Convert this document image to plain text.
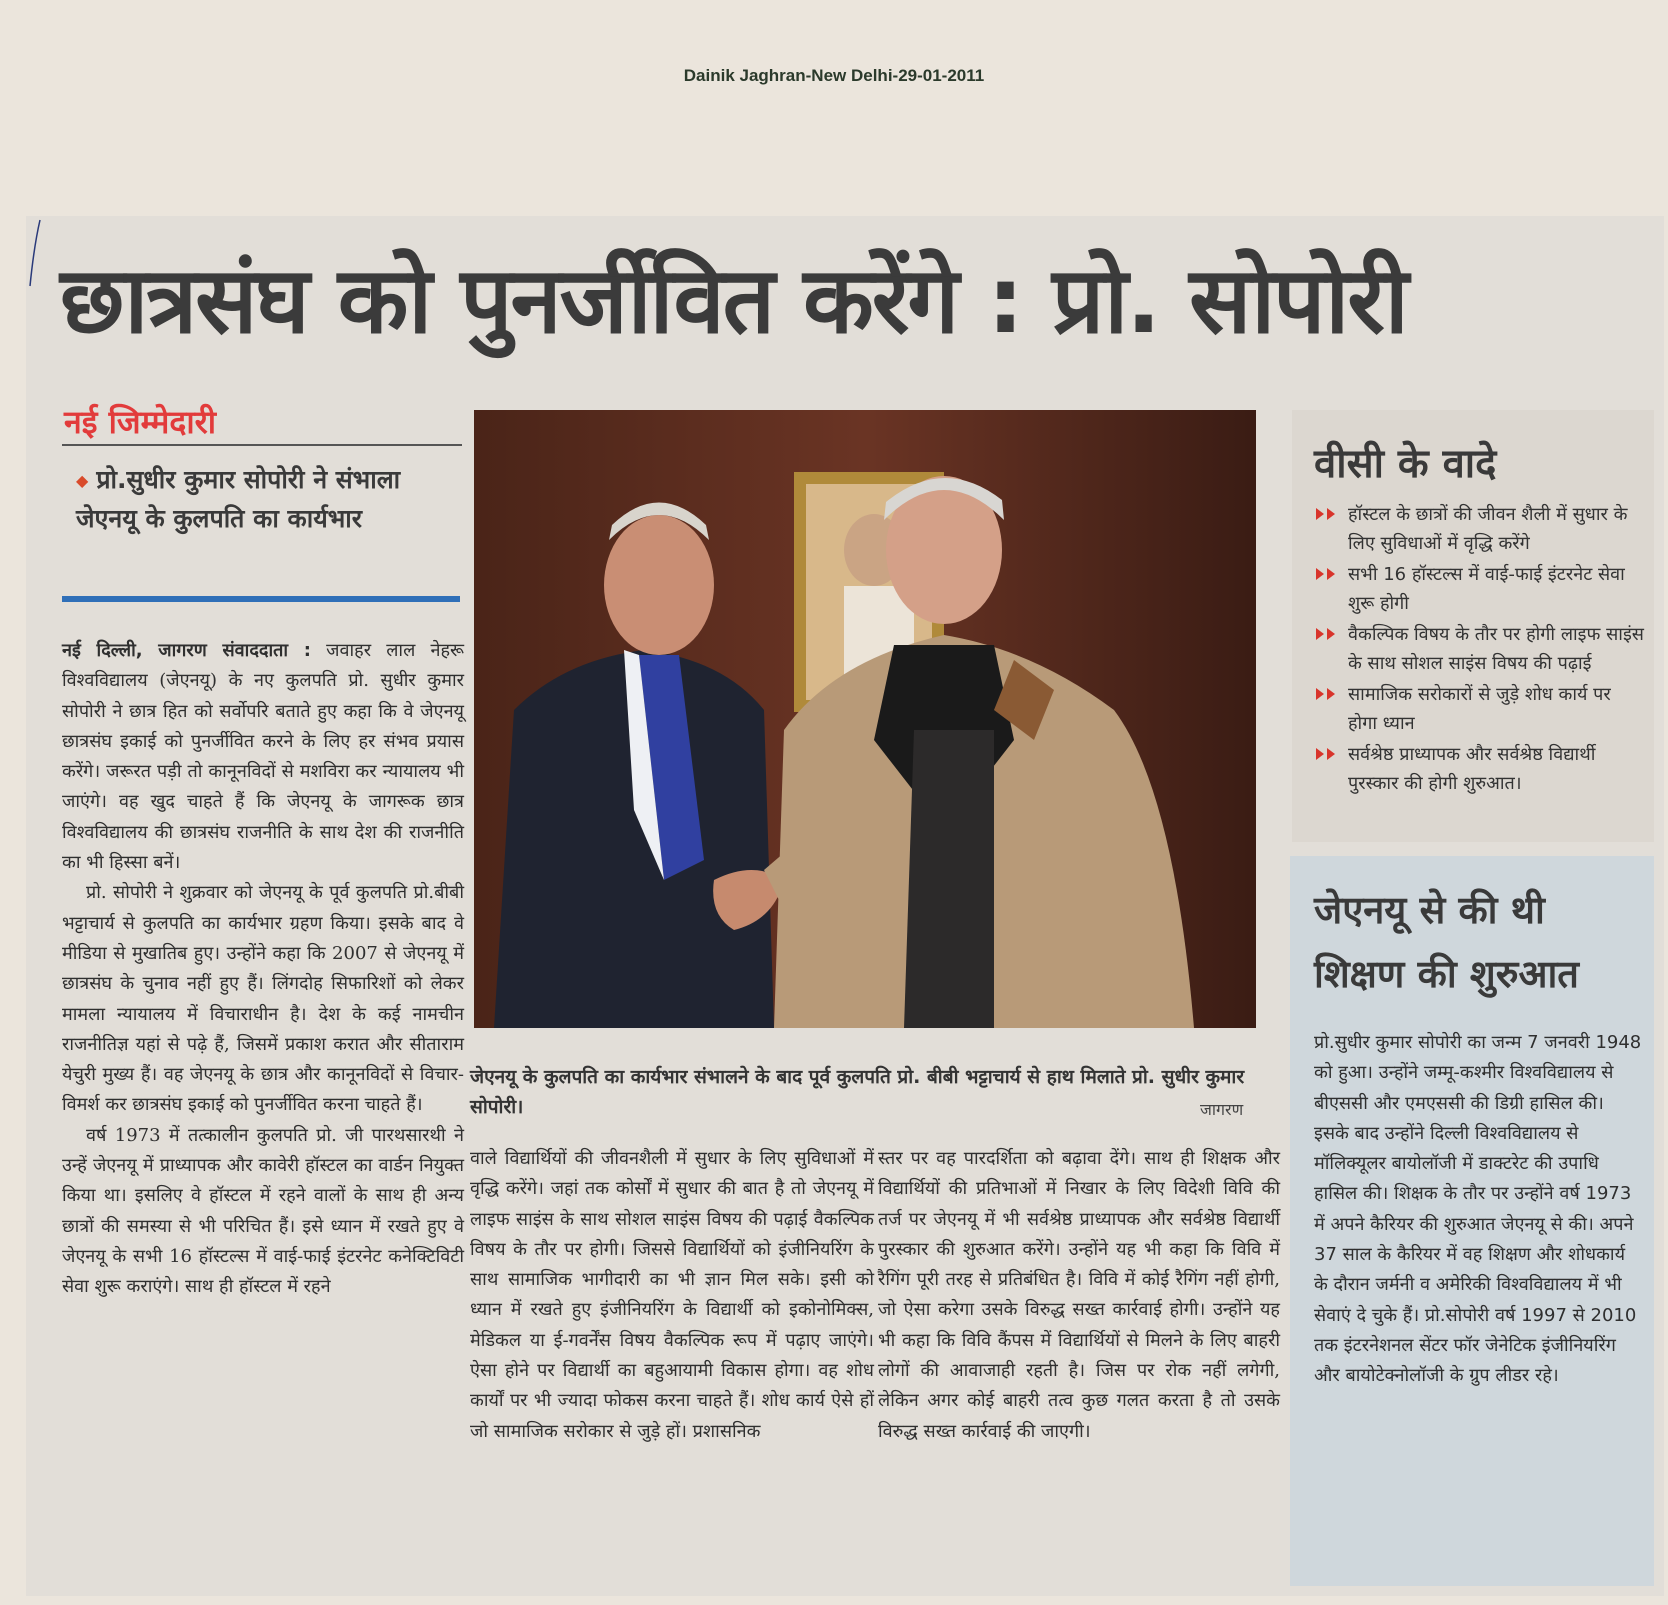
Dainik Jaghran-New Delhi-29-01-2011
छात्रसंघ को पुनर्जीवित करेंगे : प्रो. सोपोरी
नई जिम्मेदारी
◆ प्रो.सुधीर कुमार सोपोरी ने संभाला जेएनयू के कुलपति का कार्यभार

नई दिल्ली, जागरण संवाददाता : जवाहर लाल नेहरू विश्वविद्यालय (जेएनयू) के नए कुलपति प्रो. सुधीर कुमार सोपोरी ने छात्र हित को सर्वोपरि बताते हुए कहा कि वे जेएनयू छात्रसंघ इकाई को पुनर्जीवित करने के लिए हर संभव प्रयास करेंगे। जरूरत पड़ी तो कानूनविदों से मशविरा कर न्यायालय भी जाएंगे। वह खुद चाहते हैं कि जेएनयू के जागरूक छात्र विश्वविद्यालय की छात्रसंघ राजनीति के साथ देश की राजनीति का भी हिस्सा बनें।

प्रो. सोपोरी ने शुक्रवार को जेएनयू के पूर्व कुलपति प्रो.बीबी भट्टाचार्य से कुलपति का कार्यभार ग्रहण किया। इसके बाद वे मीडिया से मुखातिब हुए। उन्होंने कहा कि 2007 से जेएनयू में छात्रसंघ के चुनाव नहीं हुए हैं। लिंगदोह सिफारिशों को लेकर मामला न्यायालय में विचाराधीन है। देश के कई नामचीन राजनीतिज्ञ यहां से पढ़े हैं, जिसमें प्रकाश करात और सीताराम येचुरी मुख्य हैं। वह जेएनयू के छात्र और कानूनविदों से विचार-विमर्श कर छात्रसंघ इकाई को पुनर्जीवित करना चाहते हैं।

वर्ष 1973 में तत्कालीन कुलपति प्रो. जी पारथसारथी ने उन्हें जेएनयू में प्राध्यापक और कावेरी हॉस्टल का वार्डन नियुक्त किया था। इसलिए वे हॉस्टल में रहने वालों के साथ ही अन्य छात्रों की समस्या से भी परिचित हैं। इसे ध्यान में रखते हुए वे जेएनयू के सभी 16 हॉस्टल्स में वाई-फाई इंटरनेट कनेक्टिविटी सेवा शुरू कराएंगे। साथ ही हॉस्टल में रहने

जेएनयू के कुलपति का कार्यभार संभालने के बाद पूर्व कुलपति प्रो. बीबी भट्टाचार्य से हाथ मिलाते प्रो. सुधीर कुमार सोपोरी।	जागरण

वाले विद्यार्थियों की जीवनशैली में सुधार के लिए सुविधाओं में वृद्धि करेंगे। जहां तक कोर्सों में सुधार की बात है तो जेएनयू में लाइफ साइंस के साथ सोशल साइंस विषय की पढ़ाई वैकल्पिक विषय के तौर पर होगी। जिससे विद्यार्थियों को इंजीनियरिंग के साथ सामाजिक भागीदारी का भी ज्ञान मिल सके। इसी को ध्यान में रखते हुए इंजीनियरिंग के विद्यार्थी को इकोनोमिक्स, मेडिकल या ई-गवर्नेंस विषय वैकल्पिक रूप में पढ़ाए जाएंगे। ऐसा होने पर विद्यार्थी का बहुआयामी विकास होगा। वह शोध कार्यों पर भी ज्यादा फोकस करना चाहते हैं। शोध कार्य ऐसे हों जो सामाजिक सरोकार से जुड़े हों। प्रशासनिक

स्तर पर वह पारदर्शिता को बढ़ावा देंगे। साथ ही शिक्षक और विद्यार्थियों की प्रतिभाओं में निखार के लिए विदेशी विवि की तर्ज पर जेएनयू में भी सर्वश्रेष्ठ प्राध्यापक और सर्वश्रेष्ठ विद्यार्थी पुरस्कार की शुरुआत करेंगे। उन्होंने यह भी कहा कि विवि में रैगिंग पूरी तरह से प्रतिबंधित है। विवि में कोई रैगिंग नहीं होगी, जो ऐसा करेगा उसके विरुद्ध सख्त कार्रवाई होगी। उन्होंने यह भी कहा कि विवि कैंपस में विद्यार्थियों से मिलने के लिए बाहरी लोगों की आवाजाही रहती है। जिस पर रोक नहीं लगेगी, लेकिन अगर कोई बाहरी तत्व कुछ गलत करता है तो उसके विरुद्ध सख्त कार्रवाई की जाएगी।

वीसी के वादे
हॉस्टल के छात्रों की जीवन शैली में सुधार के लिए सुविधाओं में वृद्धि करेंगे
सभी 16 हॉस्टल्स में वाई-फाई इंटरनेट सेवा शुरू होगी
वैकल्पिक विषय के तौर पर होगी लाइफ साइंस के साथ सोशल साइंस विषय की पढ़ाई
सामाजिक सरोकारों से जुड़े शोध कार्य पर होगा ध्यान
सर्वश्रेष्ठ प्राध्यापक और सर्वश्रेष्ठ विद्यार्थी पुरस्कार की होगी शुरुआत।
जेएनयू से की थी शिक्षण की शुरुआत

प्रो.सुधीर कुमार सोपोरी का जन्म 7 जनवरी 1948 को हुआ। उन्होंने जम्मू-कश्मीर विश्वविद्यालय से बीएससी और एमएससी की डिग्री हासिल की। इसके बाद उन्होंने दिल्ली विश्वविद्यालय से मॉलिक्यूलर बायोलॉजी में डाक्टरेट की उपाधि हासिल की। शिक्षक के तौर पर उन्होंने वर्ष 1973 में अपने कैरियर की शुरुआत जेएनयू से की। अपने 37 साल के कैरियर में वह शिक्षण और शोधकार्य के दौरान जर्मनी व अमेरिकी विश्वविद्यालय में भी सेवाएं दे चुके हैं। प्रो.सोपोरी वर्ष 1997 से 2010 तक इंटरनेशनल सेंटर फॉर जेनेटिक इंजीनियरिंग और बायोटेक्नोलॉजी के ग्रुप लीडर रहे।
